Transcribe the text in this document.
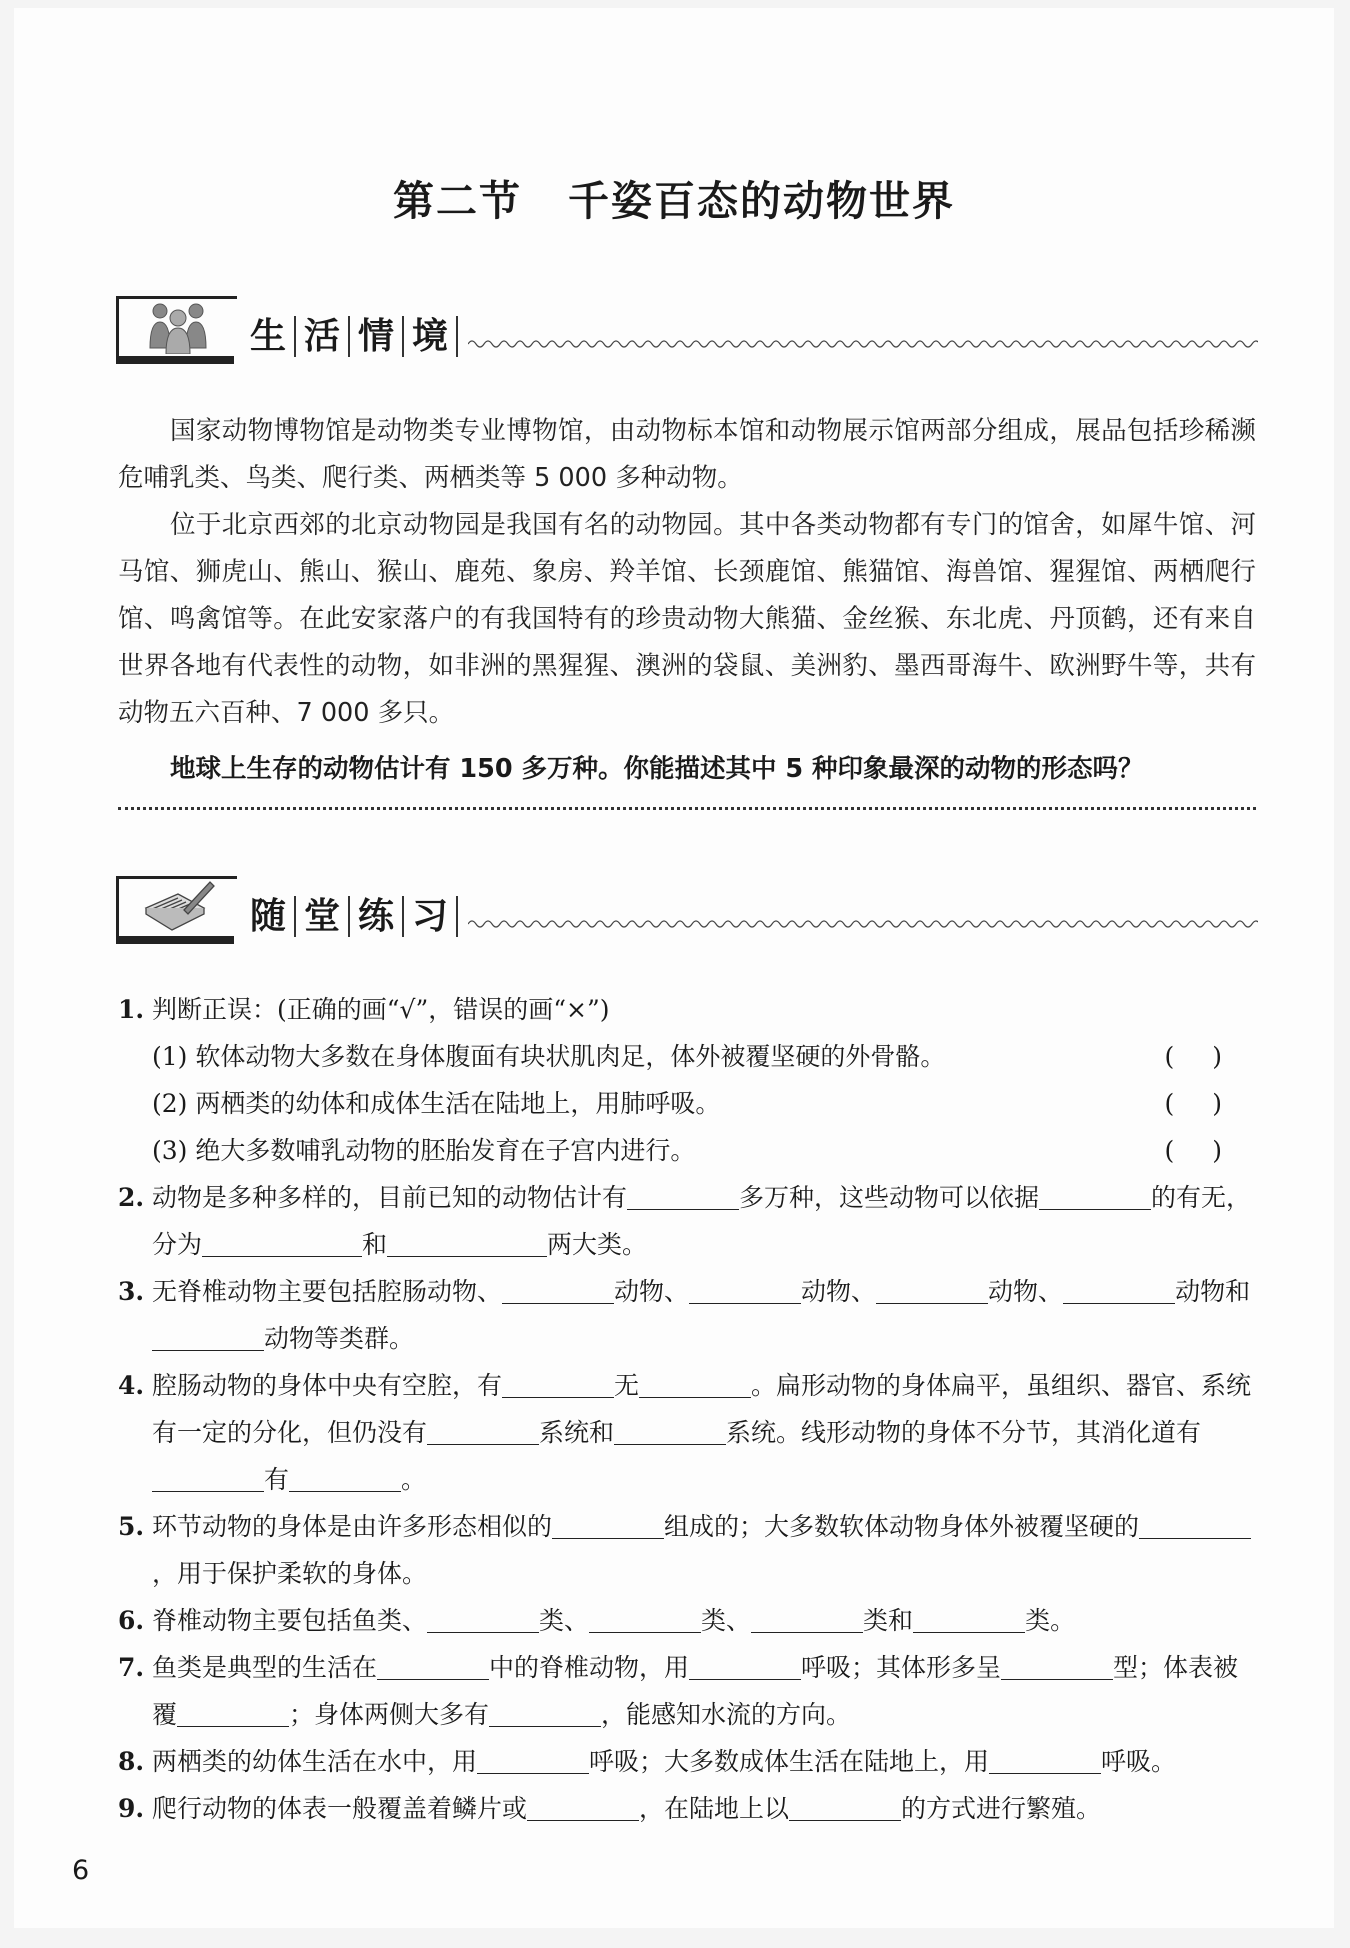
第二节 千姿百态的动物世界
生 活 情 境
国家动物博物馆是动物类专业博物馆，由动物标本馆和动物展示馆两部分组成，展品包括珍稀濒危哺乳类、鸟类、爬行类、两栖类等 5 000 多种动物。
位于北京西郊的北京动物园是我国有名的动物园。其中各类动物都有专门的馆舍，如犀牛馆、河马馆、狮虎山、熊山、猴山、鹿苑、象房、羚羊馆、长颈鹿馆、熊猫馆、海兽馆、猩猩馆、两栖爬行馆、鸣禽馆等。在此安家落户的有我国特有的珍贵动物大熊猫、金丝猴、东北虎、丹顶鹤，还有来自世界各地有代表性的动物，如非洲的黑猩猩、澳洲的袋鼠、美洲豹、墨西哥海牛、欧洲野牛等，共有动物五六百种、7 000 多只。
地球上生存的动物估计有 150 多万种。你能描述其中 5 种印象最深的动物的形态吗？
随 堂 练 习
1. 判断正误：(正确的画“√”，错误的画“×”)
(1) 软体动物大多数在身体腹面有块状肌肉足，体外被覆坚硬的外骨骼。	()
(2) 两栖类的幼体和成体生活在陆地上，用肺呼吸。	()
(3) 绝大多数哺乳动物的胚胎发育在子宫内进行。	()
2. 动物是多种多样的，目前已知的动物估计有	多万种，这些动物可以依据	的有无，分为	和	两大类。
3. 无脊椎动物主要包括腔肠动物、	动物、	动物、	动物、	动物和动物等类群。
4. 腔肠动物的身体中央有空腔，有	无	。扁形动物的身体扁平，虽组织、器官、系统有一定的分化，但仍没有	系统和	系统。线形动物的身体不分节，其消化道有有	。
5. 环节动物的身体是由许多形态相似的	组成的；大多数软体动物身体外被覆坚硬的，用于保护柔软的身体。
6. 脊椎动物主要包括鱼类、	类、	类、	类和	类。
7. 鱼类是典型的生活在	中的脊椎动物，用	呼吸；其体形多呈	型；体表被覆	；身体两侧大多有	，能感知水流的方向。
8. 两栖类的幼体生活在水中，用	呼吸；大多数成体生活在陆地上，用	呼吸。
9. 爬行动物的体表一般覆盖着鳞片或	，在陆地上以	的方式进行繁殖。
6
